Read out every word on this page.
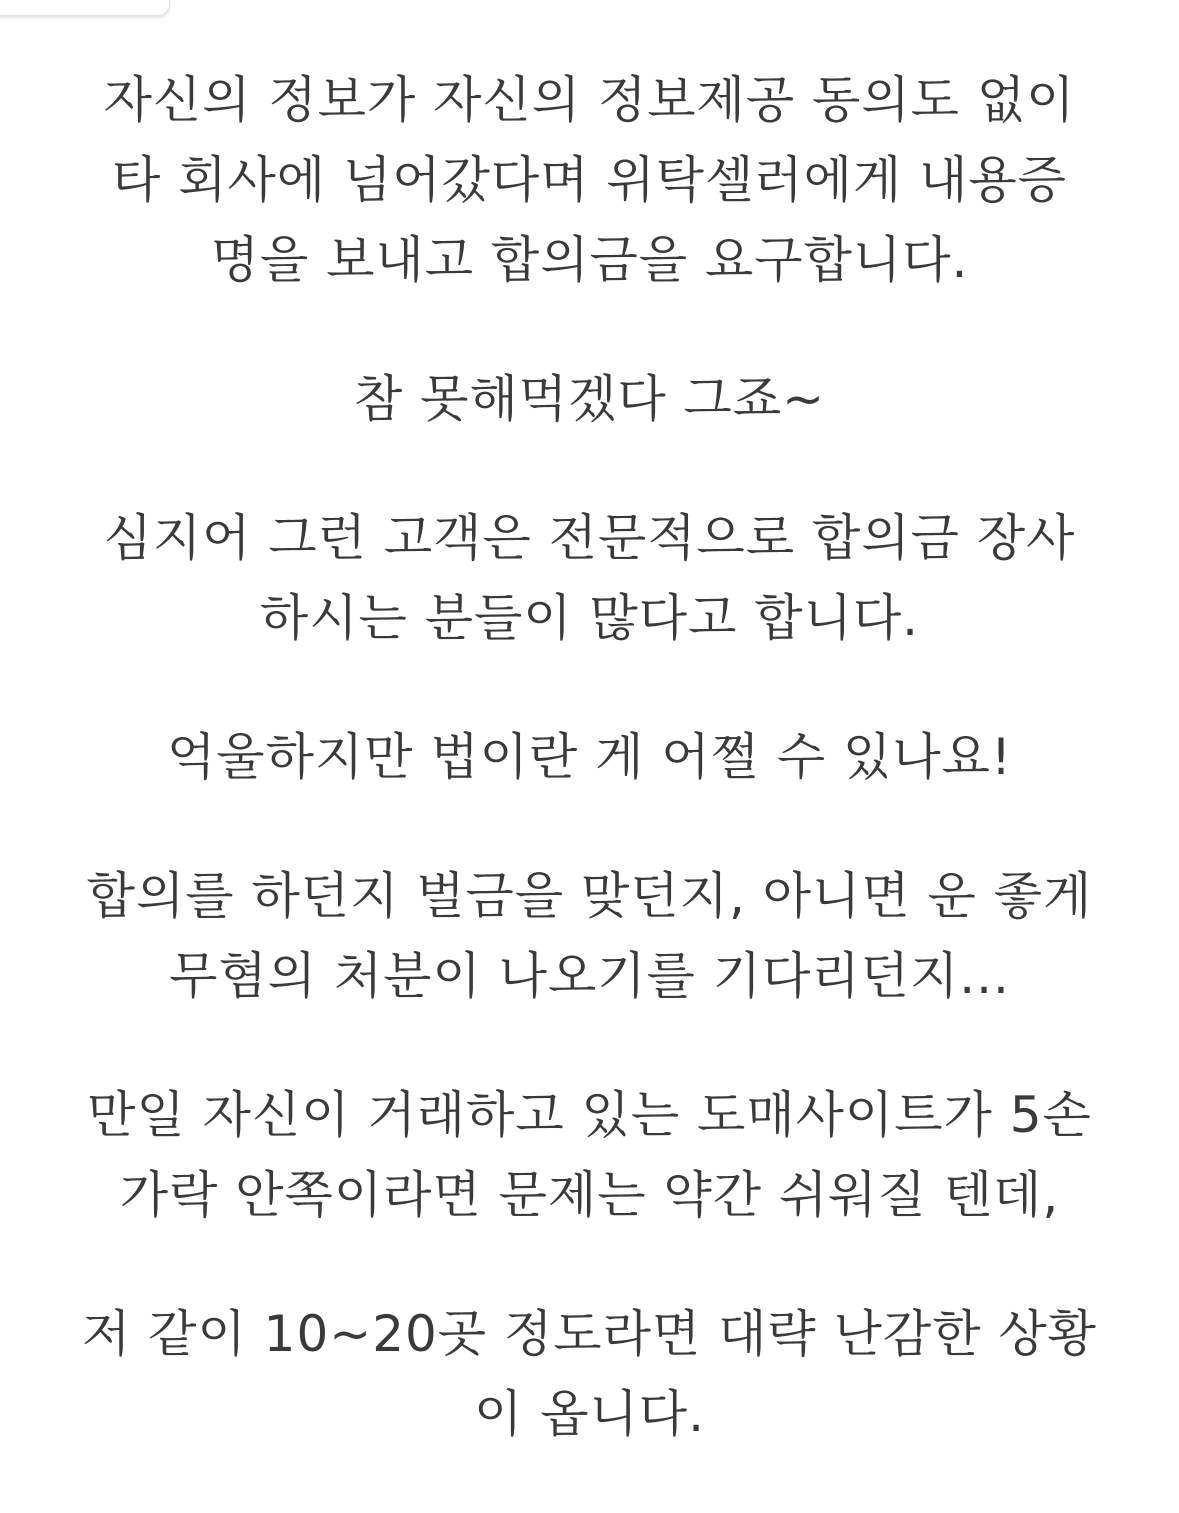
자신의 정보가 자신의 정보제공 동의도 없이
타 회사에 넘어갔다며 위탁셀러에게 내용증
명을 보내고 합의금을 요구합니다.

참 못해먹겠다 그죠~

심지어 그런 고객은 전문적으로 합의금 장사
하시는 분들이 많다고 합니다.

억울하지만 법이란 게 어쩔 수 있나요!

합의를 하던지 벌금을 맞던지, 아니면 운 좋게
무혐의 처분이 나오기를 기다리던지...

만일 자신이 거래하고 있는 도매사이트가 5손
가락 안쪽이라면 문제는 약간 쉬워질 텐데,

저 같이 10~20곳 정도라면 대략 난감한 상황
이 옵니다.
